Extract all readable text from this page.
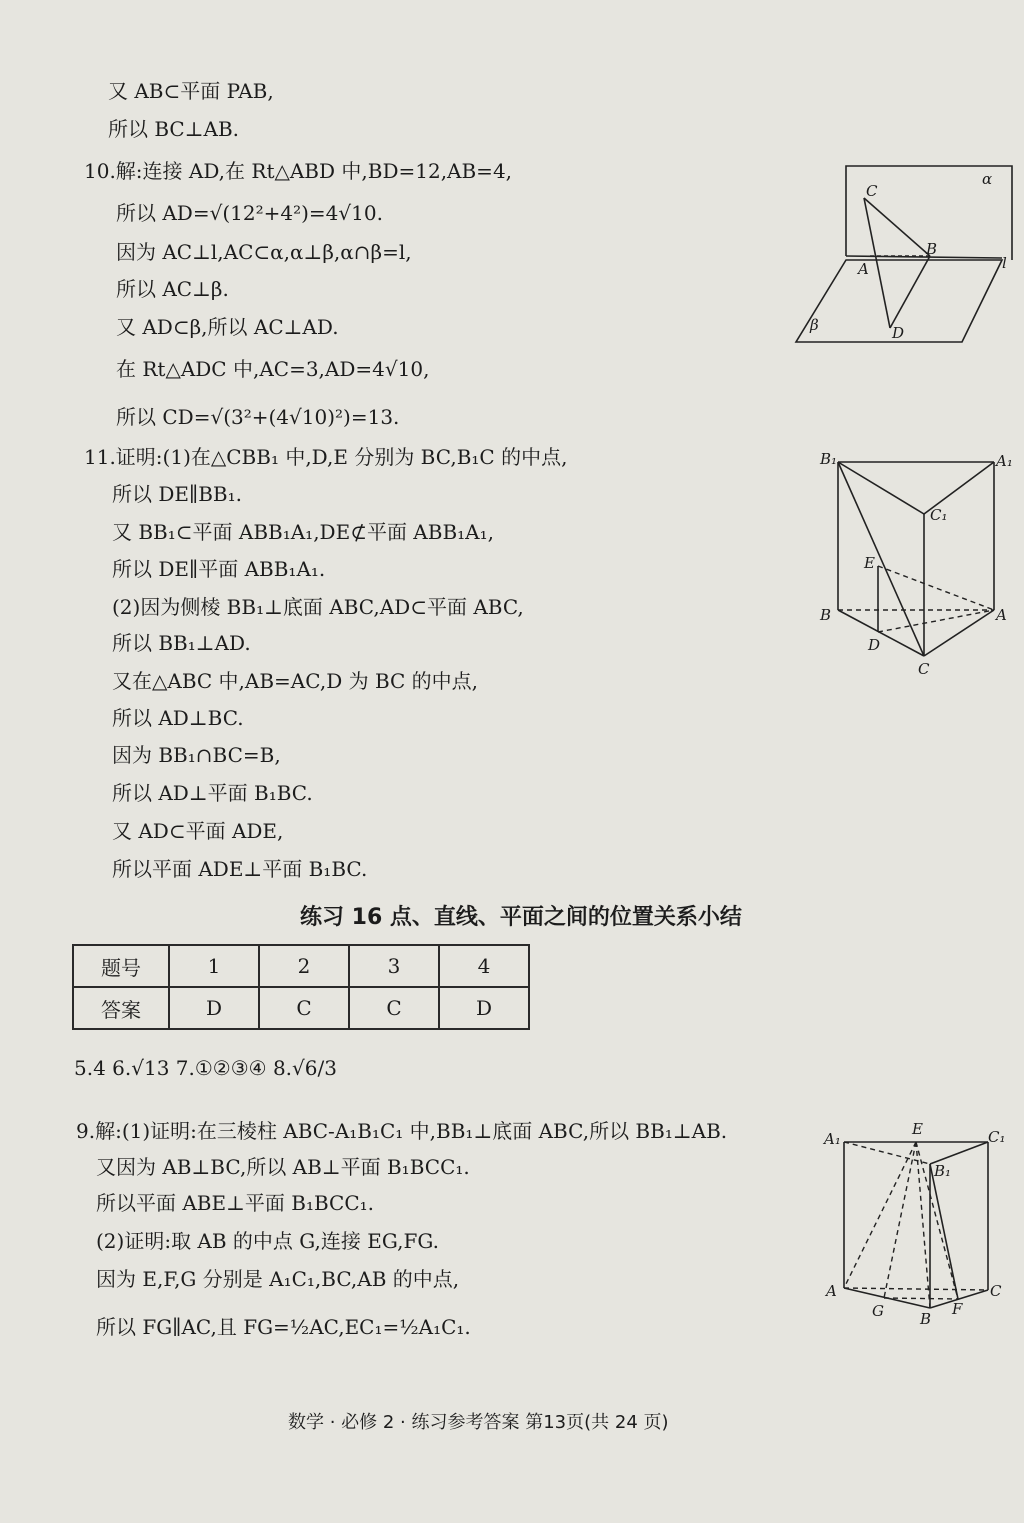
又 AB⊂平面 PAB,
所以 BC⊥AB.
10.解:连接 AD,在 Rt△ABD 中,BD=12,AB=4,
所以 AD=√(12²+4²)=4√10.
因为 AC⊥l,AC⊂α,α⊥β,α∩β=l,
所以 AC⊥β.
又 AD⊂β,所以 AC⊥AD.
在 Rt△ADC 中,AC=3,AD=4√10,
所以 CD=√(3²+(4√10)²)=13.
11.证明:(1)在△CBB₁ 中,D,E 分别为 BC,B₁C 的中点,
所以 DE∥BB₁.
又 BB₁⊂平面 ABB₁A₁,DE⊄平面 ABB₁A₁,
所以 DE∥平面 ABB₁A₁.
(2)因为侧棱 BB₁⊥底面 ABC,AD⊂平面 ABC,
所以 BB₁⊥AD.
又在△ABC 中,AB=AC,D 为 BC 的中点,
所以 AD⊥BC.
因为 BB₁∩BC=B,
所以 AD⊥平面 B₁BC.
又 AD⊂平面 ADE,
所以平面 ADE⊥平面 B₁BC.
练习 16 点、直线、平面之间的位置关系小结
题号	1	2	3	4
答案	D	C	C	D
5.4 6.√13 7.①②③④ 8.√6/3
9.解:(1)证明:在三棱柱 ABC-A₁B₁C₁ 中,BB₁⊥底面 ABC,所以 BB₁⊥AB.
又因为 AB⊥BC,所以 AB⊥平面 B₁BCC₁.
所以平面 ABE⊥平面 B₁BCC₁.
(2)证明:取 AB 的中点 G,连接 EG,FG.
因为 E,F,G 分别是 A₁C₁,BC,AB 的中点,
所以 FG∥AC,且 FG=½AC,EC₁=½A₁C₁.
数学 · 必修 2 · 练习参考答案 第13页(共 24 页)
C
α
B
l
A
β	D
B₁	A₁
C₁
E
B	A
D
C
A₁
E	C₁
B₁
A
G B
F
C
